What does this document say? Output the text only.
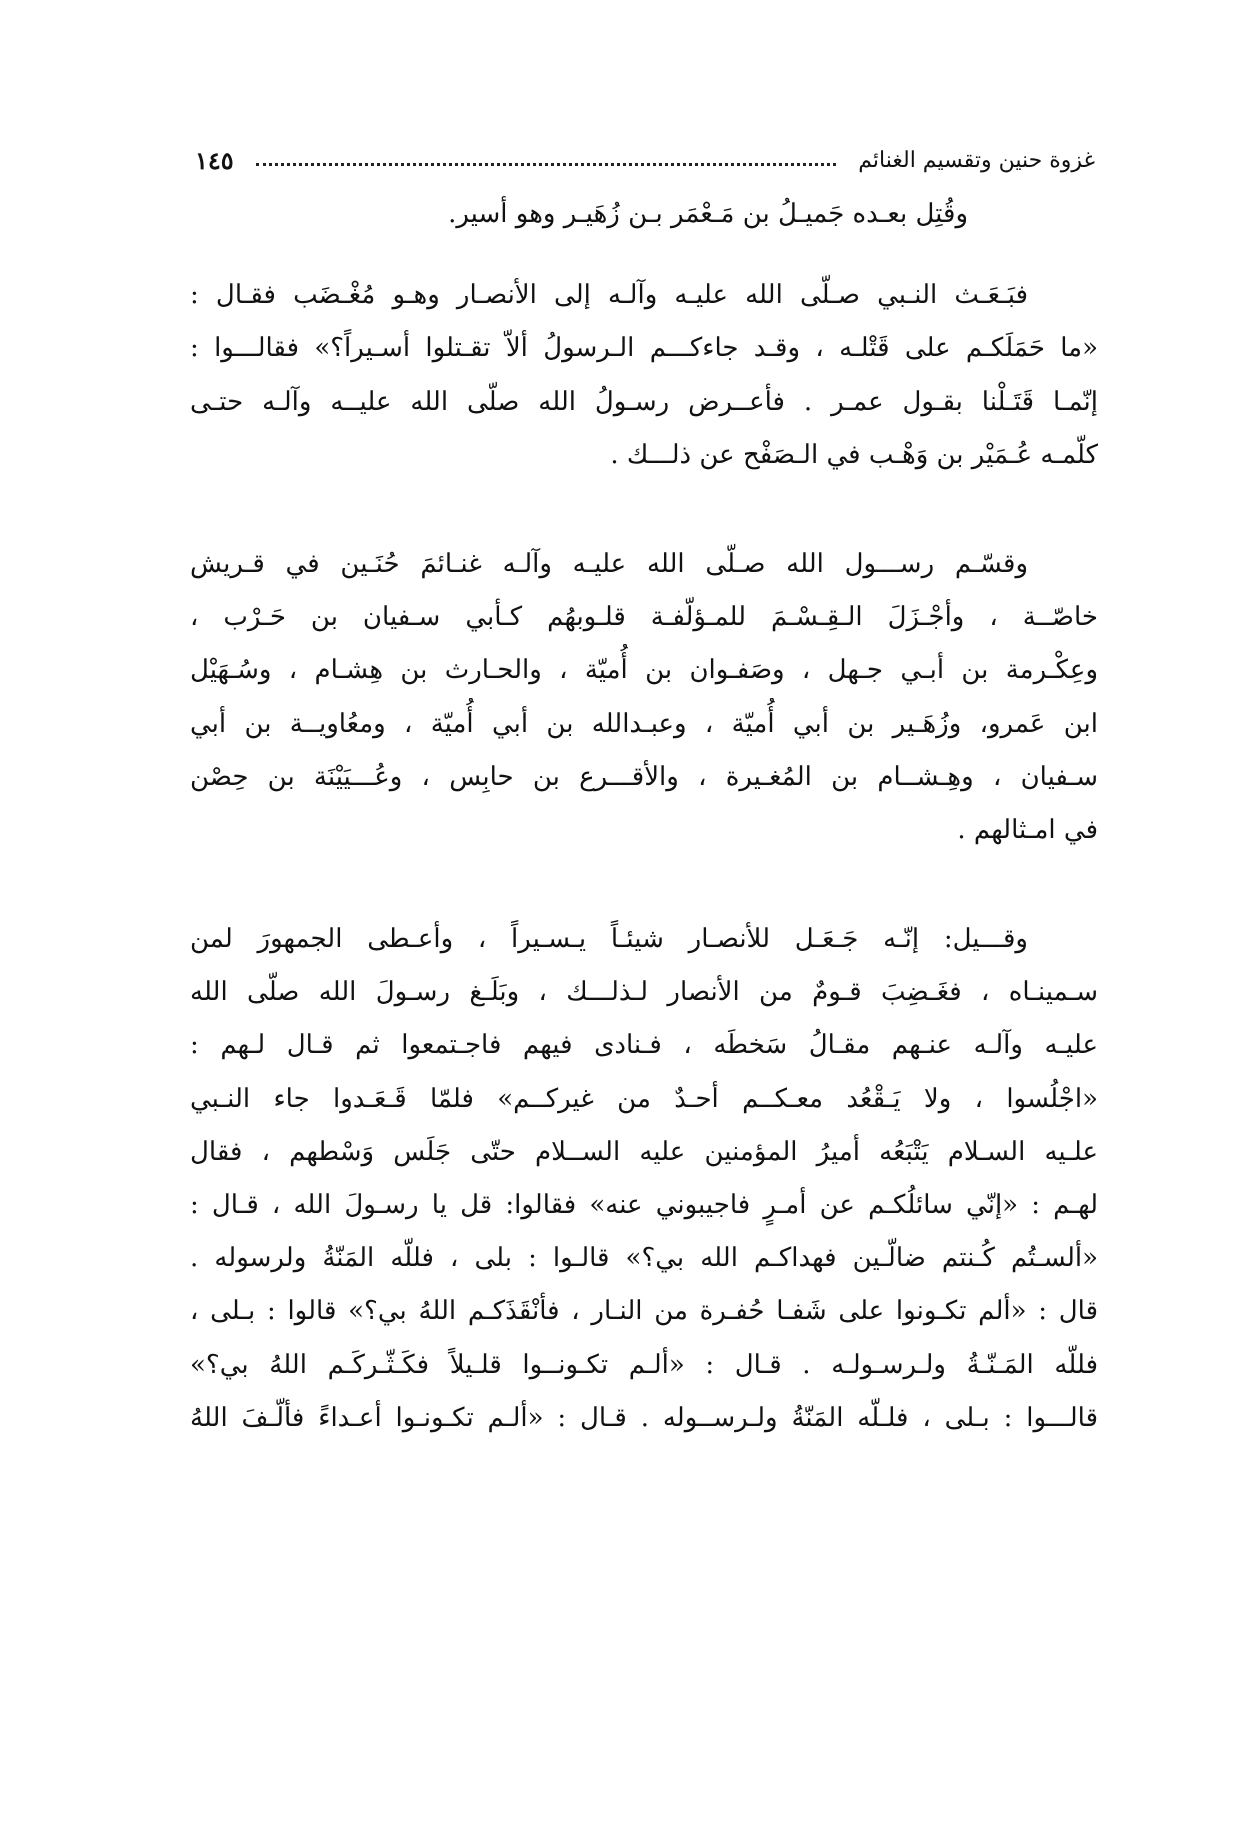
غزوة حنين وتقسيم الغنائم
١٤٥
وقُتِل بعـده جَميـلُ بن مَـعْمَر بـن زُهَيـر وهو أسير.
فبَـعَـث النـبي صـلّى الله عليـه وآلـه إلى الأنصـار وهـو مُغْـضَب فقـال :
«ما حَمَلَكـم على قَتْلـه ، وقـد جاءكـــم الـرسولُ ألاّ تقـتلوا أسـيراً؟» فقالـــوا :
إنّمـا قَتَـلْنا بقـول عمـر . فأعــرض رسـولُ الله صلّى الله عليــه وآلـه حتـى
كلّمـه عُـمَيْر بن وَهْـب في الـصَفْح عن ذلـــك .
وقسّـم رســـول الله صـلّى الله عليـه وآلـه غنـائمَ حُنَـين في قـريش
خاصّــة ، وأجْـزَلَ الـقِـسْـمَ للمـؤلّفـة قلـوبهُم كـأبي سـفيان بن حَـرْب ،
وعِكْـرمة بن أبـي جـهل ، وصَفـوان بن أُميّة ، والحـارث بن هِشـام ، وسُـهَيْل
ابن عَمرو، وزُهَـير بن أبي أُميّة ، وعبـدالله بن أبي أُميّة ، ومعُاويــة بن أبي
سـفيان ، وهِـشــام بن المُغـيرة ، والأقـــرع بن حابِس ، وعُـــيَيْنَة بن حِصْن
في امـثالهم .
وقـــيل: إنّـه جَـعَـل للأنصـار شيئـاً يـسـيراً ، وأعـطى الجمهورَ لمن
سـمينـاه ، فغَـضِبَ قـومٌ من الأنصار لـذلـــك ، وبَلَـغ رسـولَ الله صلّى الله
عليـه وآلـه عنـهم مقـالُ سَخطَه ، فـنادى فيهم فاجـتمعوا ثم قـال لـهم :
«اجْلُسوا ، ولا يَـقْعُد معـكــم أحـدٌ من غيركــم» فلمّا قَـعَـدوا جاء النـبي
علـيه السـلام يَتْبَعُه أميرُ المؤمنين عليه الســلام حتّى جَلَس وَسْطهم ، فقال
لهـم : «إنّي سائلُكـم عن أمـرٍ فاجيبوني عنه» فقالوا: قل يا رسـولَ الله ، قـال :
«ألسـتُم كُـنتم ضالّـين فهداكـم الله بي؟» قالـوا : بلى ، فللّه المَنّةُ ولرسوله .
قال : «ألم تكـونوا على شَفـا حُفـرة من النـار ، فأنْقَذَكـم اللهُ بي؟» قالوا : بـلى ،
فللّه المَـنّـةُ ولـرسـولـه . قـال : «ألـم تكـونــوا قلـيلاً فكَـثّـركَـم اللهُ بي؟»
قالـــوا : بـلى ، فلـلّه المَنّةُ ولـرســوله . قـال : «ألـم تكـونـوا أعـداءً فألّـفَ اللهُ
